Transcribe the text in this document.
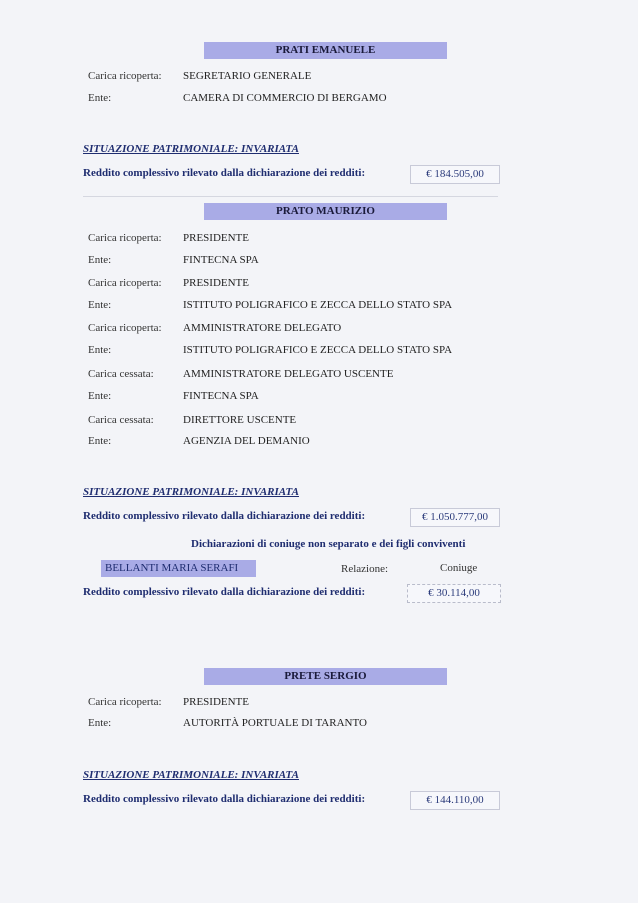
PRATI EMANUELE
Carica ricoperta: SEGRETARIO GENERALE
Ente:	CAMERA DI COMMERCIO DI BERGAMO
SITUAZIONE PATRIMONIALE: INVARIATA
Reddito complessivo rilevato dalla dichiarazione dei redditi:	€ 184.505,00
PRATO MAURIZIO
Carica ricoperta: PRESIDENTE
Ente:	FINTECNA SPA
Carica ricoperta: PRESIDENTE
Ente:	ISTITUTO POLIGRAFICO E ZECCA DELLO STATO SPA
Carica ricoperta: AMMINISTRATORE DELEGATO
Ente:	ISTITUTO POLIGRAFICO E ZECCA DELLO STATO SPA
Carica cessata:	AMMINISTRATORE DELEGATO USCENTE
Ente:	FINTECNA SPA
Carica cessata:	DIRETTORE USCENTE
Ente:	AGENZIA DEL DEMANIO
SITUAZIONE PATRIMONIALE: INVARIATA
Reddito complessivo rilevato dalla dichiarazione dei redditi:	€ 1.050.777,00
Dichiarazioni di coniuge non separato e dei figli conviventi
BELLANTI MARIA SERAFI	Relazione:	Coniuge
Reddito complessivo rilevato dalla dichiarazione dei redditi:	€ 30.114,00
PRETE SERGIO
Carica ricoperta: PRESIDENTE
Ente:	AUTORITÀ PORTUALE DI TARANTO
SITUAZIONE PATRIMONIALE: INVARIATA
Reddito complessivo rilevato dalla dichiarazione dei redditi:	€ 144.110,00
